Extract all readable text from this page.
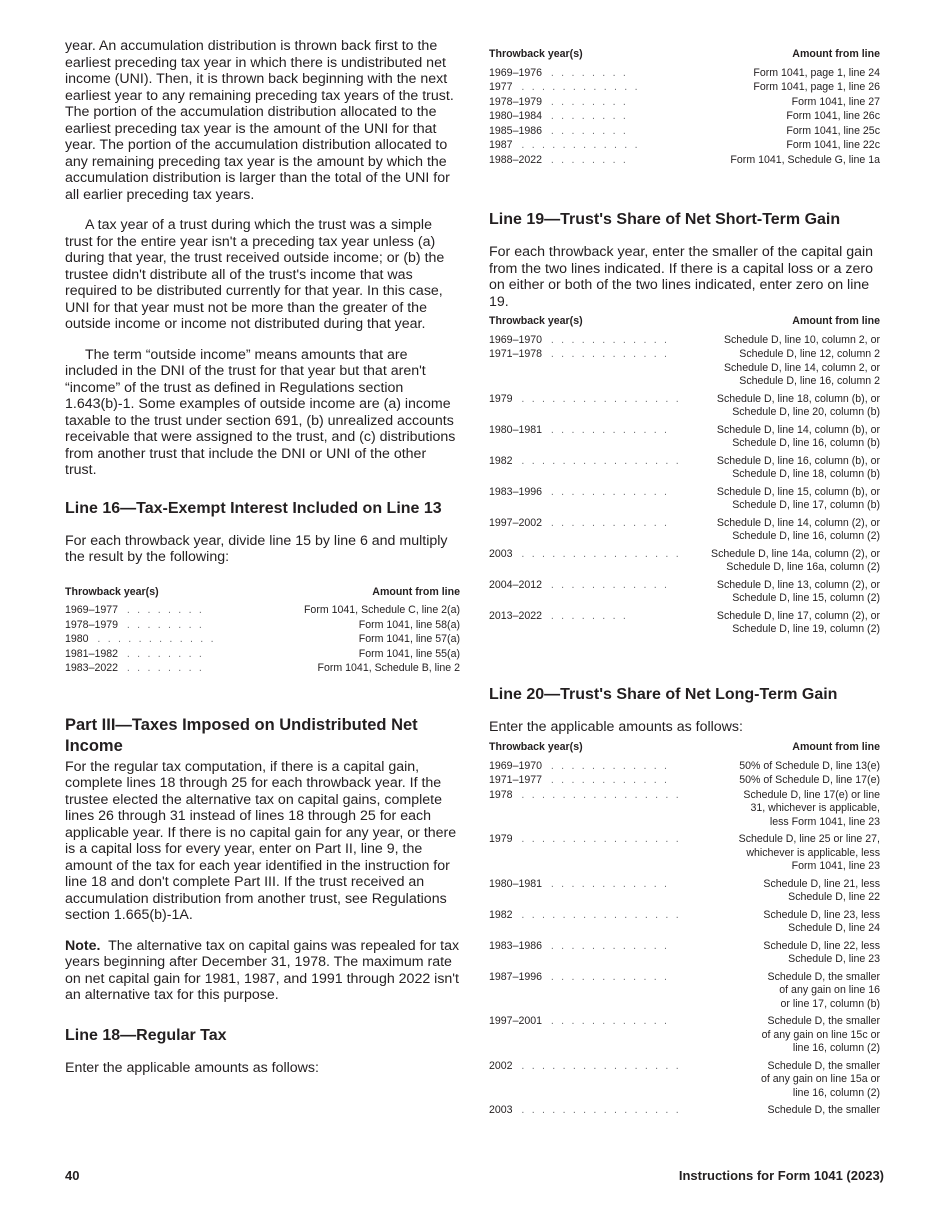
year. An accumulation distribution is thrown back first to the earliest preceding tax year in which there is undistributed net income (UNI). Then, it is thrown back beginning with the next earliest year to any remaining preceding tax years of the trust. The portion of the accumulation distribution allocated to the earliest preceding tax year is the amount of the UNI for that year. The portion of the accumulation distribution allocated to any remaining preceding tax year is the amount by which the accumulation distribution is larger than the total of the UNI for all earlier preceding tax years.

A tax year of a trust during which the trust was a simple trust for the entire year isn't a preceding tax year unless (a) during that year, the trust received outside income; or (b) the trustee didn't distribute all of the trust's income that was required to be distributed currently for that year. In this case, UNI for that year must not be more than the greater of the outside income or income not distributed during that year.

The term “outside income” means amounts that are included in the DNI of the trust for that year but that aren't “income” of the trust as defined in Regulations section 1.643(b)-1. Some examples of outside income are (a) income taxable to the trust under section 691, (b) unrealized accounts receivable that were assigned to the trust, and (c) distributions from another trust that include the DNI or UNI of the other trust.

Line 16—Tax-Exempt Interest Included on Line 13

For each throwback year, divide line 15 by line 6 and multiply the result by the following:

Throwback year(s)	Amount from line
1969–1977 . . . . . . . .	Form 1041, Schedule C, line 2(a)
1978–1979 . . . . . . . .	Form 1041, line 58(a)
1980 . . . . . . . . . . . .	Form 1041, line 57(a)
1981–1982 . . . . . . . .	Form 1041, line 55(a)
1983–2022 . . . . . . . .	Form 1041, Schedule B, line 2
Part III—Taxes Imposed on Undistributed Net Income

For the regular tax computation, if there is a capital gain, complete lines 18 through 25 for each throwback year. If the trustee elected the alternative tax on capital gains, complete lines 26 through 31 instead of lines 18 through 25 for each applicable year. If there is no capital gain for any year, or there is a capital loss for every year, enter on Part II, line 9, the amount of the tax for each year identified in the instruction for line 18 and don't complete Part III. If the trust received an accumulation distribution from another trust, see Regulations section 1.665(b)-1A.

Note. The alternative tax on capital gains was repealed for tax years beginning after December 31, 1978. The maximum rate on net capital gain for 1981, 1987, and 1991 through 2022 isn't an alternative tax for this purpose.

Line 18—Regular Tax

Enter the applicable amounts as follows:

Throwback year(s)	Amount from line
1969–1976 . . . . . . . .	Form 1041, page 1, line 24
1977 . . . . . . . . . . . .	Form 1041, page 1, line 26
1978–1979 . . . . . . . .	Form 1041, line 27
1980–1984 . . . . . . . .	Form 1041, line 26c
1985–1986 . . . . . . . .	Form 1041, line 25c
1987 . . . . . . . . . . . .	Form 1041, line 22c
1988–2022 . . . . . . . .	Form 1041, Schedule G, line 1a
Line 19—Trust's Share of Net Short-Term Gain

For each throwback year, enter the smaller of the capital gain from the two lines indicated. If there is a capital loss or a zero on either or both of the two lines indicated, enter zero on line 19.

Throwback year(s)	Amount from line
1969–1970 . . . . . . . . . . . .	Schedule D, line 10, column 2, or
1971–1978 . . . . . . . . . . . .	Schedule D, line 12, column 2
Schedule D, line 14, column 2, or
Schedule D, line 16, column 2
1979 . . . . . . . . . . . . . . . .	Schedule D, line 18, column (b), or
Schedule D, line 20, column (b)
1980–1981 . . . . . . . . . . . .	Schedule D, line 14, column (b), or
Schedule D, line 16, column (b)
1982 . . . . . . . . . . . . . . . .	Schedule D, line 16, column (b), or
Schedule D, line 18, column (b)
1983–1996 . . . . . . . . . . . .	Schedule D, line 15, column (b), or
Schedule D, line 17, column (b)
1997–2002 . . . . . . . . . . . .	Schedule D, line 14, column (2), or
Schedule D, line 16, column (2)
2003 . . . . . . . . . . . . . . . .	Schedule D, line 14a, column (2), or
Schedule D, line 16a, column (2)
2004–2012 . . . . . . . . . . . .	Schedule D, line 13, column (2), or
Schedule D, line 15, column (2)
2013–2022 . . . . . . . .	Schedule D, line 17, column (2), or
Schedule D, line 19, column (2)
Line 20—Trust's Share of Net Long-Term Gain

Enter the applicable amounts as follows:

Throwback year(s)	Amount from line
1969–1970 . . . . . . . . . . . .	50% of Schedule D, line 13(e)
1971–1977 . . . . . . . . . . . .	50% of Schedule D, line 17(e)
1978 . . . . . . . . . . . . . . . .	Schedule D, line 17(e) or line
31, whichever is applicable,
less Form 1041, line 23
1979 . . . . . . . . . . . . . . . .	Schedule D, line 25 or line 27,
whichever is applicable, less
Form 1041, line 23
1980–1981 . . . . . . . . . . . .	Schedule D, line 21, less
Schedule D, line 22
1982 . . . . . . . . . . . . . . . .	Schedule D, line 23, less
Schedule D, line 24
1983–1986 . . . . . . . . . . . .	Schedule D, line 22, less
Schedule D, line 23
1987–1996 . . . . . . . . . . . .	Schedule D, the smaller
of any gain on line 16
or line 17, column (b)
1997–2001 . . . . . . . . . . . .	Schedule D, the smaller
of any gain on line 15c or
line 16, column (2)
2002 . . . . . . . . . . . . . . . .	Schedule D, the smaller
of any gain on line 15a or
line 16, column (2)
2003 . . . . . . . . . . . . . . . .	Schedule D, the smaller
40	Instructions for Form 1041 (2023)
